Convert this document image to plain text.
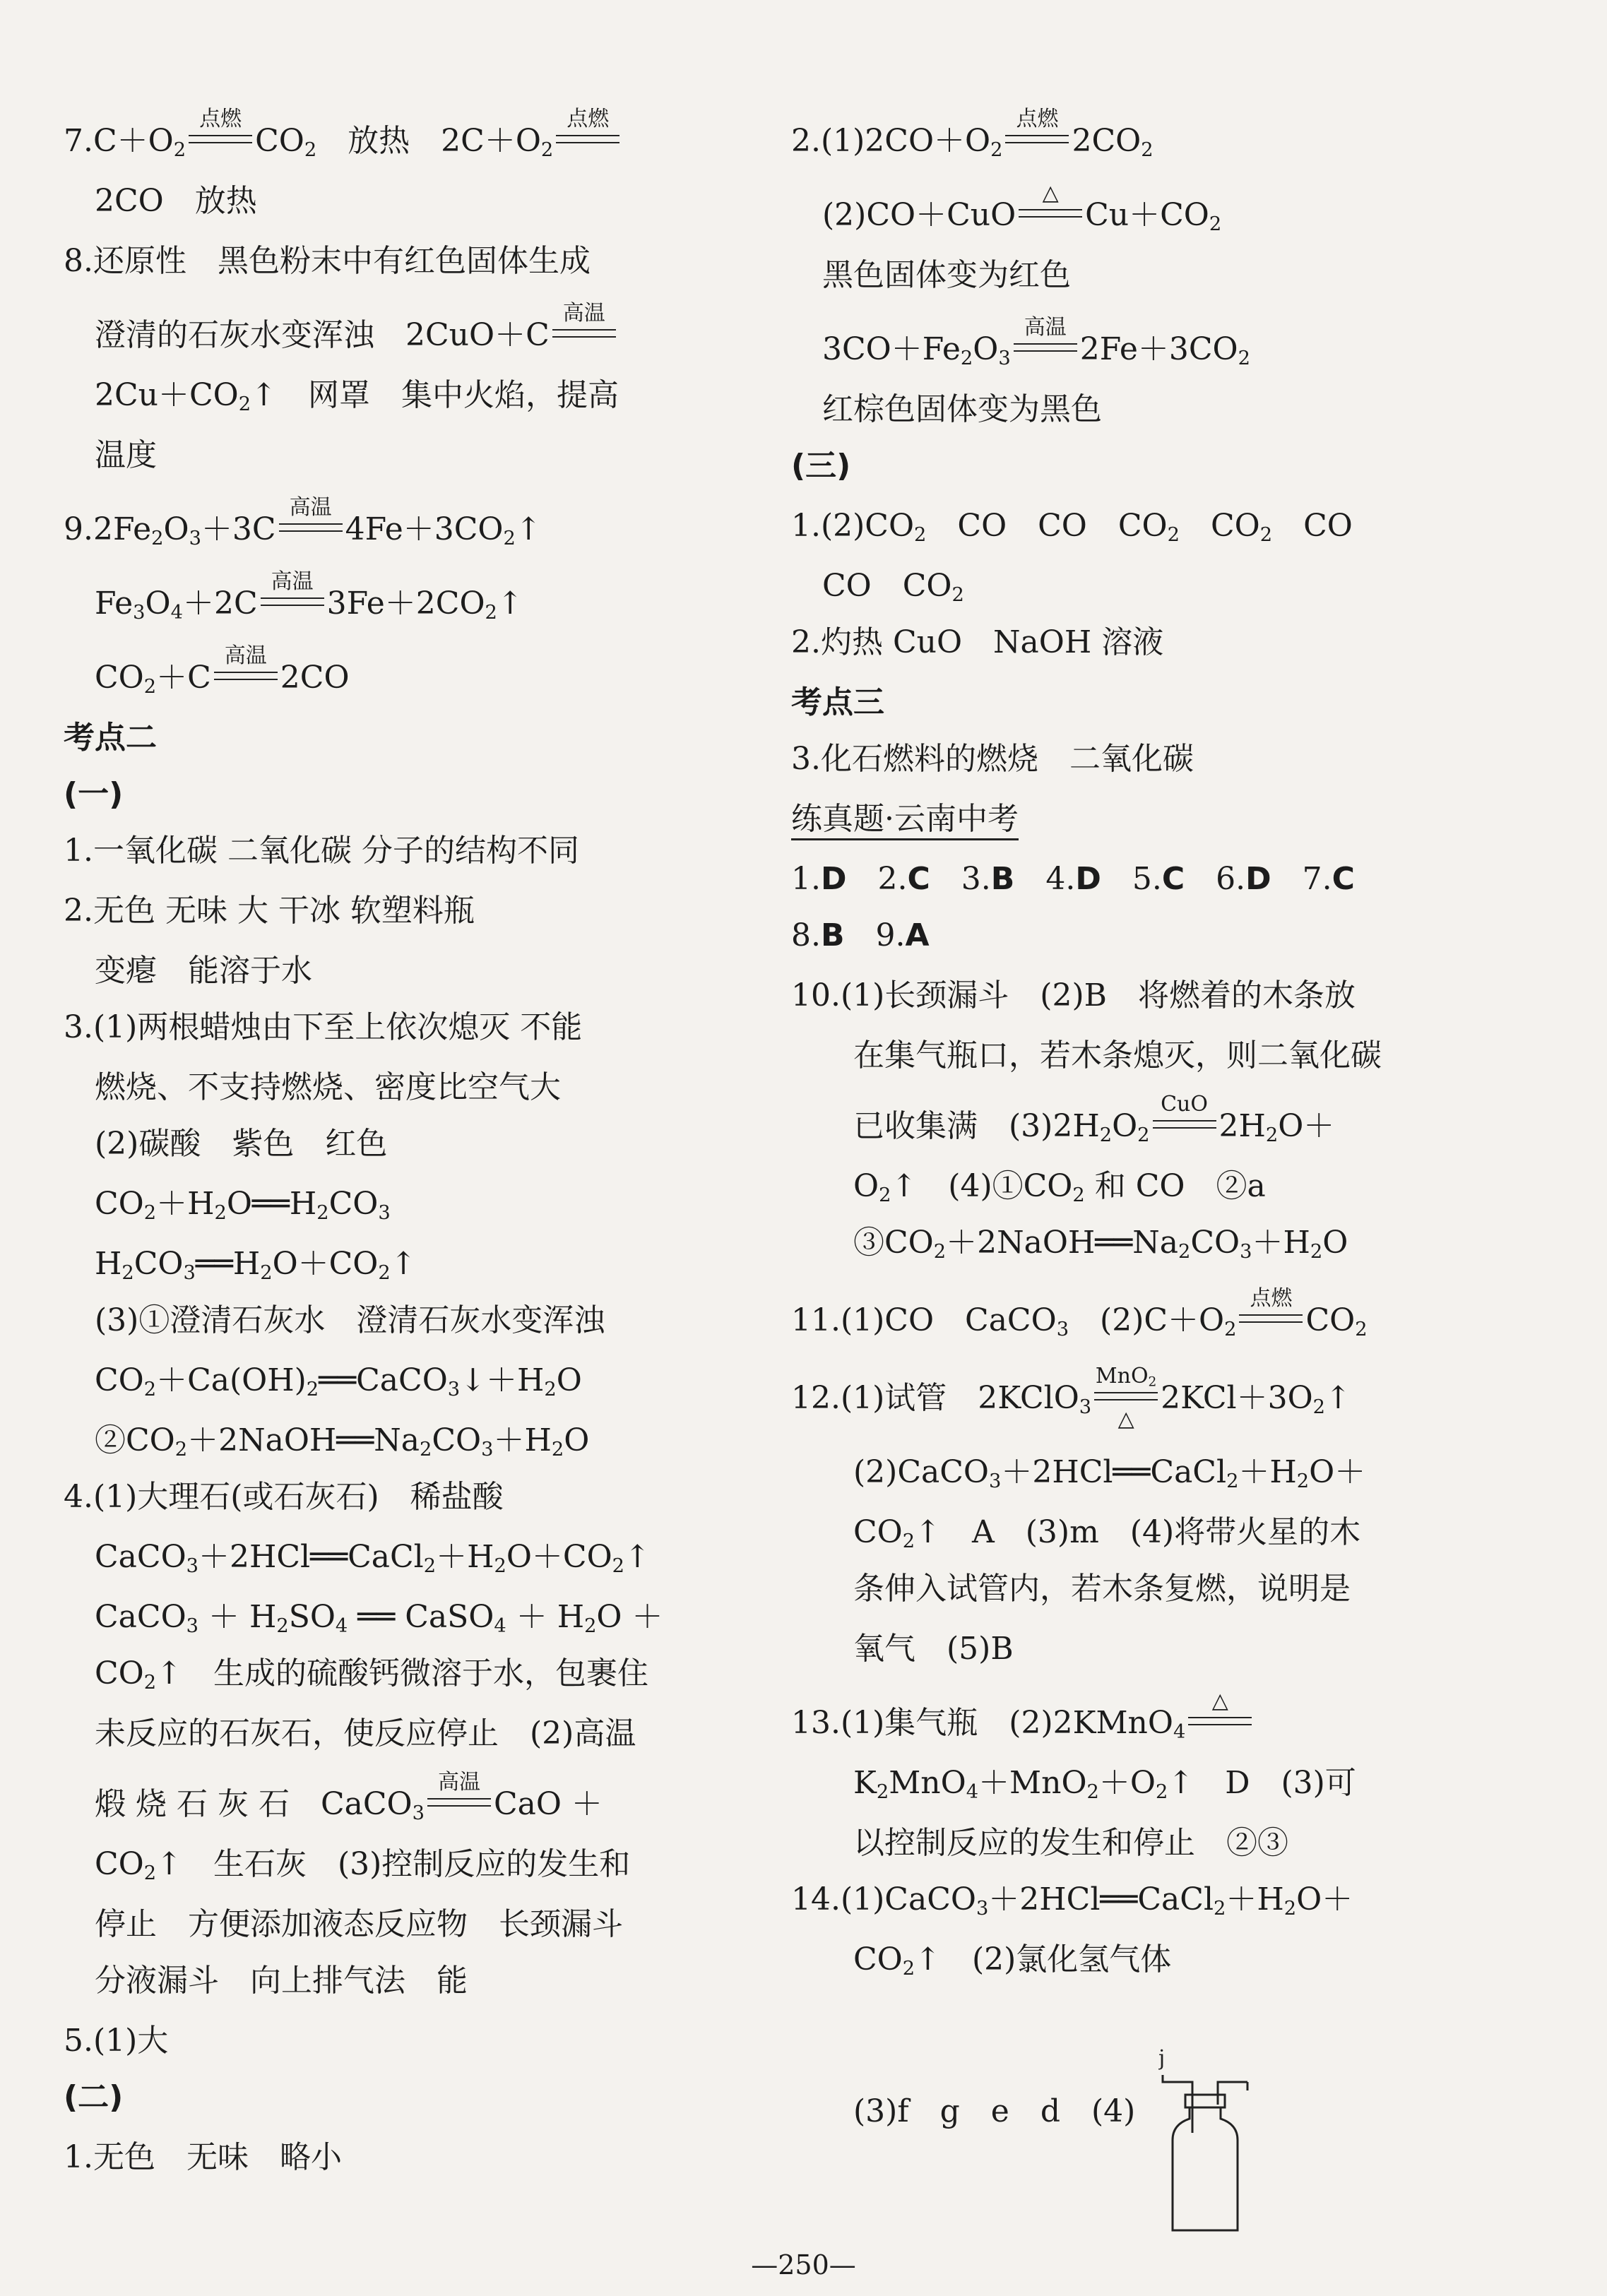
$7.C+O_2$
点燃
$CO_2$　放热　$2C+O_2$
点燃
　2CO　放热
8.还原性　黑色粉末中有红色固体生成
　澄清的石灰水变浑浊　2CuO＋C
高温
　$2Cu+CO_2↑$　网罩　集中火焰，提高
　温度
$9.2Fe_2O_3+3C$
高温
$4Fe+3CO_2↑$
　$Fe_3O_4+2C$
高温
$3Fe+2CO_2↑$
　$CO_2+C$
高温
2CO
考点二
(一)
1.一氧化碳 二氧化碳 分子的结构不同
2.无色 无味 大 干冰 软塑料瓶
　变瘪　能溶于水
3.(1)两根蜡烛由下至上依次熄灭 不能
　燃烧、不支持燃烧、密度比空气大
　(2)碳酸　紫色　红色
　$CO_2+H_2O══H_2CO_3$
　$H_2CO_3══H_2O+CO_2↑$
　(3)①澄清石灰水　澄清石灰水变浑浊
　$CO_2+Ca(OH)_2══CaCO_3↓+H_2O$
　$②CO_2+2NaOH══Na_2CO_3+H_2O$
4.(1)大理石(或石灰石)　稀盐酸
　$CaCO_3+2HCl══CaCl_2+H_2O+CO_2↑$
　CaCO$_3$ ＋ $H_2SO_4$ ══ CaSO$_4$ ＋ $H_2O$ ＋
　$CO_2↑$　生成的硫酸钙微溶于水，包裹住
　未反应的石灰石，使反应停止　(2)高温
　煅 烧 石 灰 石　CaCO$_3$
高温
CaO ＋
　$CO_2↑$　生石灰　(3)控制反应的发生和
　停止　方便添加液态反应物　长颈漏斗
　分液漏斗　向上排气法　能
5.(1)大
(二)
1.无色　无味　略小
$2.(1)2CO+O_2$
点燃
$2CO_2$
　(2)CO＋CuO
△
$Cu+CO_2$
　黑色固体变为红色
　$3CO+Fe_2O_3$
高温
$2Fe+3CO_2$
　红棕色固体变为黑色
(三)
$1.(2)CO_2$　CO　CO　$CO_2$　$CO_2$　CO
　CO　$CO_2$
2.灼热 CuO　NaOH 溶液
考点三
3.化石燃料的燃烧　二氧化碳
练真题·云南中考
1.D　2.C　3.B　4.D　5.C　6.D　7.C
8.B　9.A
10.(1)长颈漏斗　(2)B　将燃着的木条放
　　在集气瓶口，若木条熄灭，则二氧化碳
　　已收集满　$(3)2H_2O_2$
CuO
$2H_2O+$
　　$O_2↑$　$(4)①CO_2$ 和 CO　②a
　　$③CO_2+2NaOH══Na_2CO_3+H_2O$
11.(1)CO　CaCO$_3$　$(2)C+O_2$
点燃
$CO_2$
12.(1)试管　2KClO$_3$
MnO$_2$
△
$2KCl+3O_2↑$
　　$(2)CaCO_3+2HCl══CaCl_2+H_2O+$
　　$CO_2↑$　A　(3)m　(4)将带火星的木
　　条伸入试管内，若木条复燃，说明是
　　氧气　(5)B
13.(1)集气瓶　(2)2KMnO$_4$
△
　　$K_2MnO_4+MnO_2+O_2↑$　D　(3)可
　　以控制反应的发生和停止　②③
$14.(1)CaCO_3+2HCl══CaCl_2+H_2O+$
　　$CO_2↑$　(2)氯化氢气体
　　(3)f　g　e　d　(4)
j
—250—
